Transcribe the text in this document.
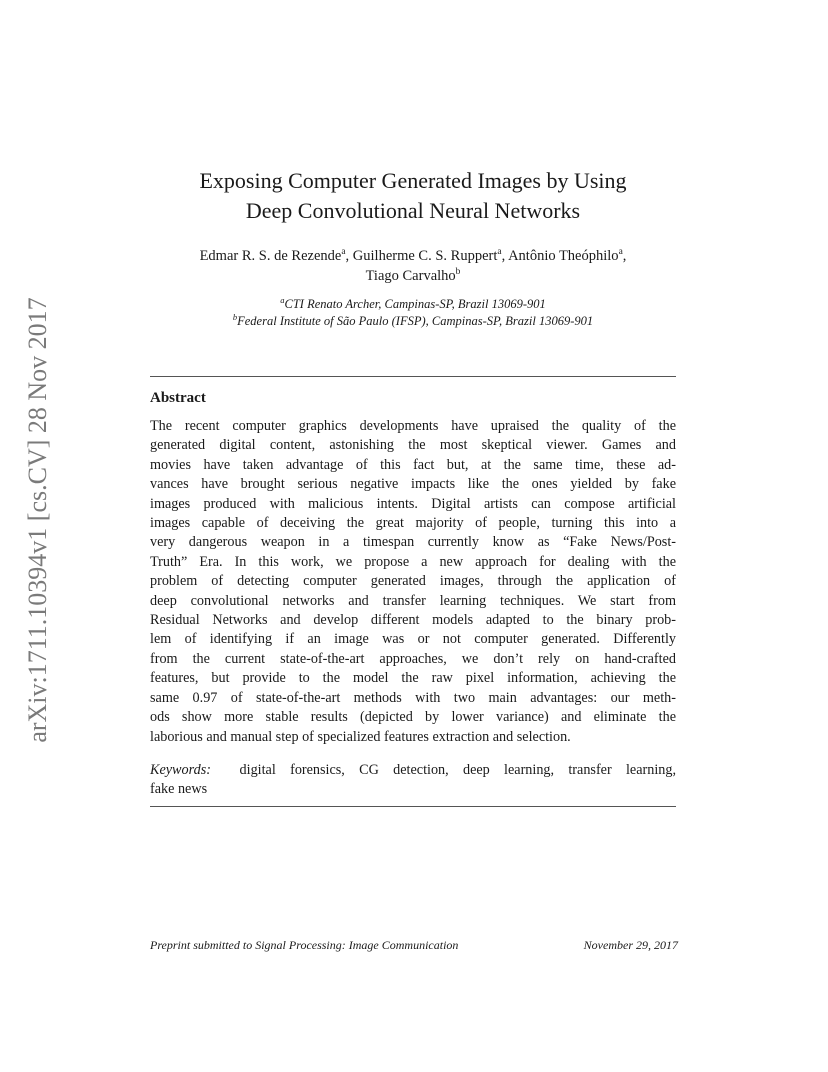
arXiv:1711.10394v1 [cs.CV] 28 Nov 2017
Exposing Computer Generated Images by Using
Deep Convolutional Neural Networks
Edmar R. S. de Rezende$^a$, Guilherme C. S. Ruppert$^a$, Antônio Theóphilo$^a$,
Tiago Carvalho$^b$
$^a$CTI Renato Archer, Campinas-SP, Brazil 13069-901
$^b$Federal Institute of São Paulo (IFSP), Campinas-SP, Brazil 13069-901
Abstract
The recent computer graphics developments have upraised the quality of the
generated digital content, astonishing the most skeptical viewer. Games and
movies have taken advantage of this fact but, at the same time, these ad-
vances have brought serious negative impacts like the ones yielded by fake
images produced with malicious intents. Digital artists can compose artificial
images capable of deceiving the great majority of people, turning this into a
very dangerous weapon in a timespan currently know as “Fake News/Post-
Truth” Era. In this work, we propose a new approach for dealing with the
problem of detecting computer generated images, through the application of
deep convolutional networks and transfer learning techniques. We start from
Residual Networks and develop different models adapted to the binary prob-
lem of identifying if an image was or not computer generated. Differently
from the current state-of-the-art approaches, we don’t rely on hand-crafted
features, but provide to the model the raw pixel information, achieving the
same 0.97 of state-of-the-art methods with two main advantages: our meth-
ods show more stable results (depicted by lower variance) and eliminate the
laborious and manual step of specialized features extraction and selection.
Keywords: digital forensics, CG detection, deep learning, transfer learning,
fake news
Preprint submitted to Signal Processing: Image Communication	November 29, 2017
